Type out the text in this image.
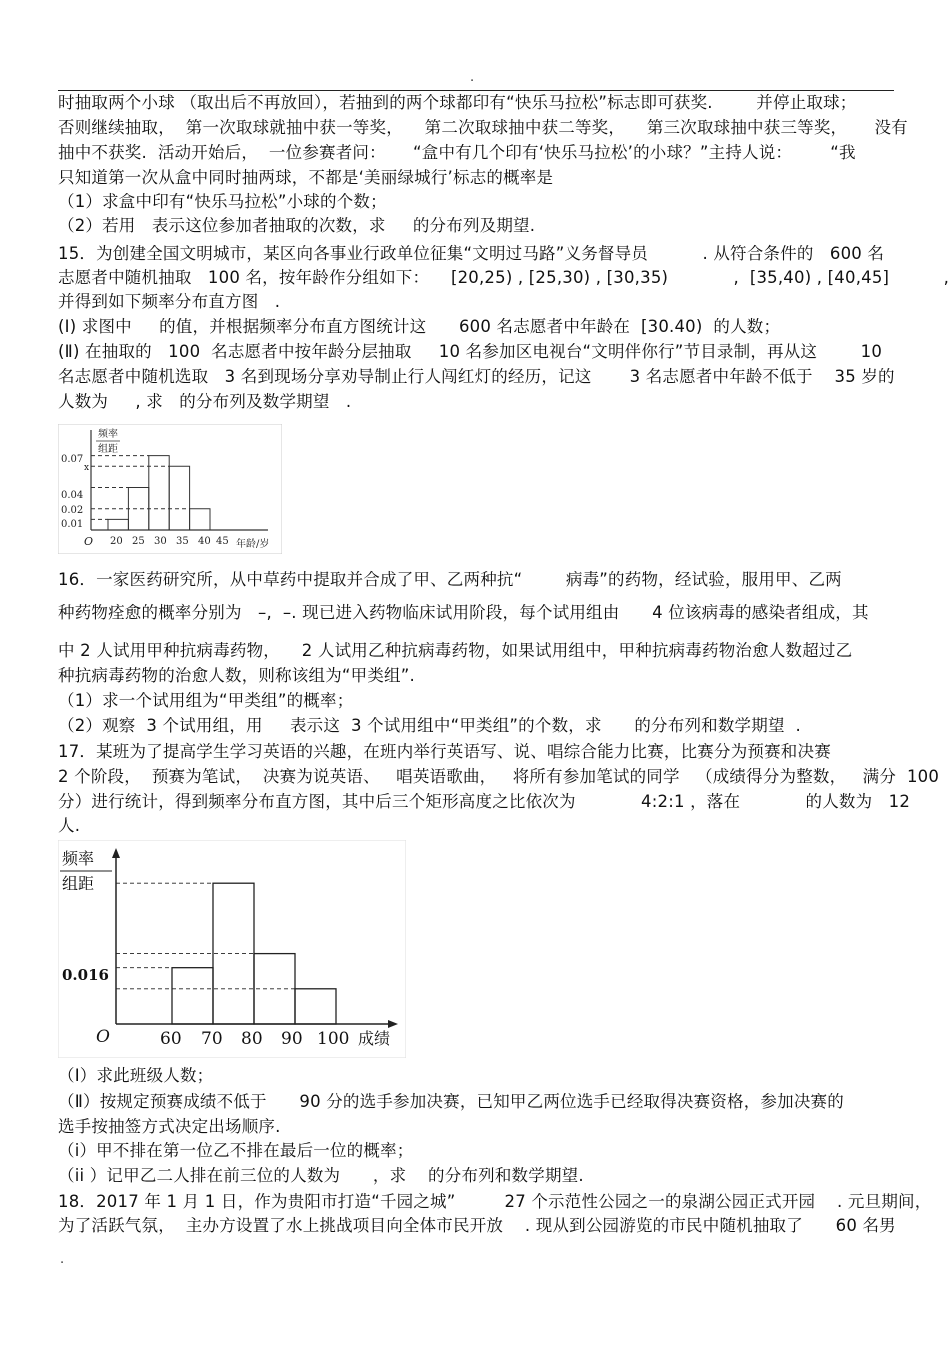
.
时抽取两个小球 （取出后不再放回），若抽到的两个球都印有“快乐马拉松”标志即可获奖.        并停止取球；
否则继续抽取，  第一次取球就抽中获一等奖，    第二次取球抽中获二等奖，    第三次取球抽中获三等奖，     没有
抽中不获奖.  活动开始后，  一位参赛者问：     “盒中有几个印有‘快乐马拉松’的小球？”主持人说：       “我
只知道第一次从盒中同时抽两球，不都是‘美丽绿城行’标志的概率是
（1）求盒中印有“快乐马拉松”小球的个数；
（2）若用   表示这位参加者抽取的次数，求     的分布列及期望.
15．为创建全国文明城市，某区向各事业行政单位征集“文明过马路”义务督导员          . 从符合条件的   600 名
志愿者中随机抽取   100 名，按年龄作分组如下：    [20,25) , [25,30) , [30,35)            ,  [35,40) , [40,45]          ,
并得到如下频率分布直方图   .
(Ⅰ) 求图中     的值，并根据频率分布直方图统计这      600 名志愿者中年龄在  [30.40)  的人数；
(Ⅱ) 在抽取的   100  名志愿者中按年龄分层抽取     10 名参加区电视台“文明伴你行”节目录制，再从这        10
名志愿者中随机选取   3 名到现场分享劝导制止行人闯红灯的经历，记这       3 名志愿者中年龄不低于    35 岁的
人数为     , 求   的分布列及数学期望   .
频率
组距
0.07
x
0.04
0.02
0.01
O 20 25 30 35 40 45 年龄/岁
16．一家医药研究所，从中草药中提取并合成了甲、乙两种抗“        病毒”的药物，经试验，服用甲、乙两
种药物痊愈的概率分别为   –,  –. 现已进入药物临床试用阶段，每个试用组由      4 位该病毒的感染者组成，其
中 2 人试用甲种抗病毒药物，    2 人试用乙种抗病毒药物，如果试用组中，甲种抗病毒药物治愈人数超过乙
种抗病毒药物的治愈人数，则称该组为“甲类组”.
（1）求一个试用组为“甲类组”的概率；
（2）观察  3 个试用组，用     表示这  3 个试用组中“甲类组”的个数，求      的分布列和数学期望  .
17．某班为了提高学生学习英语的兴趣，在班内举行英语写、说、唱综合能力比赛，比赛分为预赛和决赛
2 个阶段，  预赛为笔试，  决赛为说英语、   唱英语歌曲，   将所有参加笔试的同学   （成绩得分为整数，   满分  100
分）进行统计，得到频率分布直方图，其中后三个矩形高度之比依次为            4:2:1 ，落在            的人数为   12
人.
频率
组距
0.016
O	60 70 80 90 100 成绩
（Ⅰ）求此班级人数；
（Ⅱ）按规定预赛成绩不低于      90 分的选手参加决赛，已知甲乙两位选手已经取得决赛资格，参加决赛的
选手按抽签方式决定出场顺序.
（i）甲不排在第一位乙不排在最后一位的概率；
（ii ）记甲乙二人排在前三位的人数为      ，求    的分布列和数学期望.
18．2017 年 1 月 1 日，作为贵阳市打造“千园之城”         27 个示范性公园之一的泉湖公园正式开园    . 元旦期间，
为了活跃气氛，  主办方设置了水上挑战项目向全体市民开放    . 现从到公园游览的市民中随机抽取了      60 名男
.
